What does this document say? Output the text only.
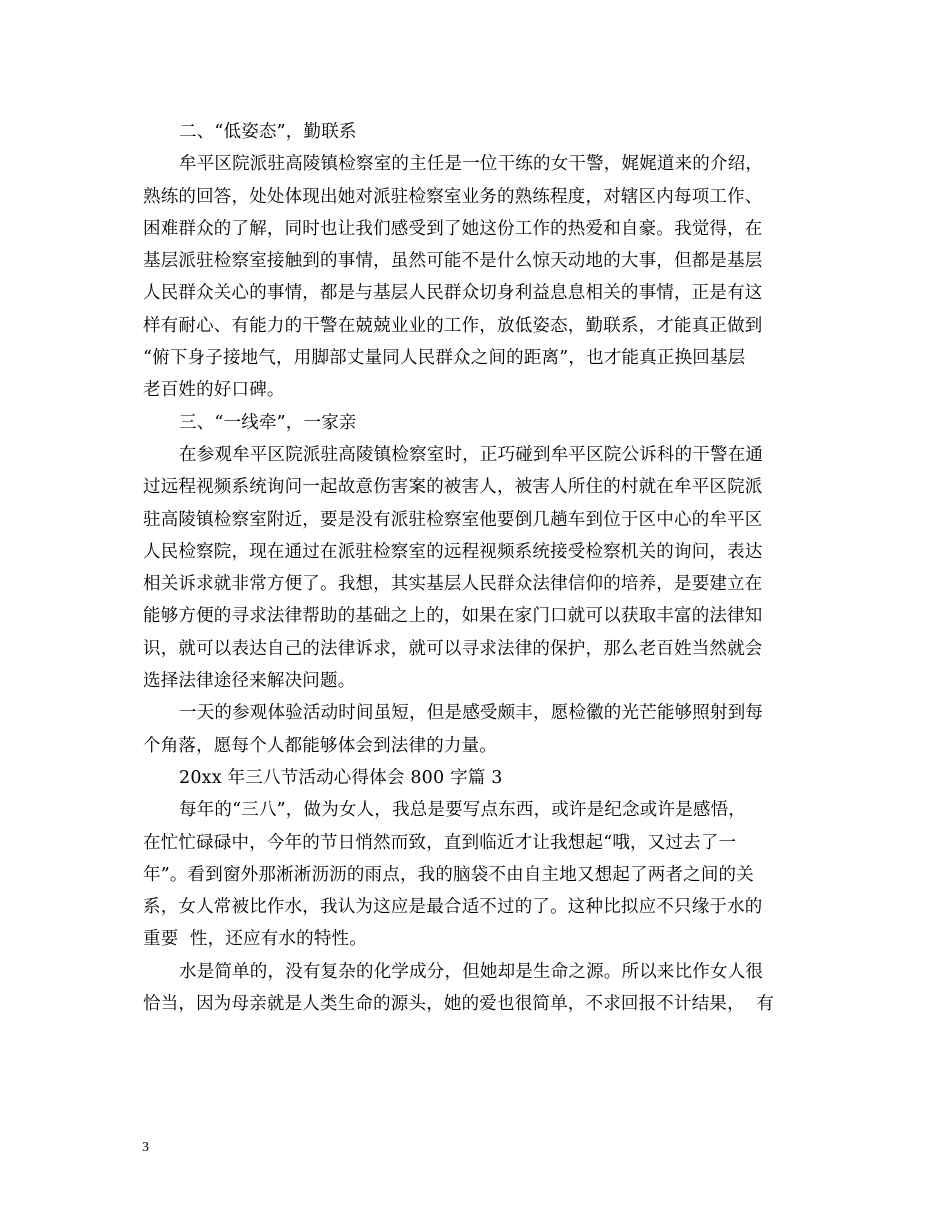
二、“低姿态”，勤联系
牟平区院派驻高陵镇检察室的主任是一位干练的女干警，娓娓道来的介绍，
熟练的回答，处处体现出她对派驻检察室业务的熟练程度，对辖区内每项工作、
困难群众的了解，同时也让我们感受到了她这份工作的热爱和自豪。我觉得，在
基层派驻检察室接触到的事情，虽然可能不是什么惊天动地的大事，但都是基层
人民群众关心的事情，都是与基层人民群众切身利益息息相关的事情，正是有这
样有耐心、有能力的干警在兢兢业业的工作，放低姿态，勤联系，才能真正做到
“俯下身子接地气，用脚部丈量同人民群众之间的距离”，也才能真正换回基层
老百姓的好口碑。
三、“一线牵”，一家亲
在参观牟平区院派驻高陵镇检察室时，正巧碰到牟平区院公诉科的干警在通
过远程视频系统询问一起故意伤害案的被害人，被害人所住的村就在牟平区院派
驻高陵镇检察室附近，要是没有派驻检察室他要倒几趟车到位于区中心的牟平区
人民检察院，现在通过在派驻检察室的远程视频系统接受检察机关的询问，表达
相关诉求就非常方便了。我想，其实基层人民群众法律信仰的培养，是要建立在
能够方便的寻求法律帮助的基础之上的，如果在家门口就可以获取丰富的法律知
识，就可以表达自己的法律诉求，就可以寻求法律的保护，那么老百姓当然就会
选择法律途径来解决问题。
一天的参观体验活动时间虽短，但是感受颇丰，愿检徽的光芒能够照射到每
个角落，愿每个人都能够体会到法律的力量。
20xx 年三八节活动心得体会 800 字篇 3
每年的“三八”，做为女人，我总是要写点东西，或许是纪念或许是感悟，
在忙忙碌碌中，今年的节日悄然而致，直到临近才让我想起“哦，又过去了一
年”。看到窗外那淅淅沥沥的雨点，我的脑袋不由自主地又想起了两者之间的关
系，女人常被比作水，我认为这应是最合适不过的了。这种比拟应不只缘于水的
重要  性，还应有水的特性。
水是简单的，没有复杂的化学成分，但她却是生命之源。所以来比作女人很
恰当，因为母亲就是人类生命的源头，她的爱也很简单，不求回报不计结果，  有
3
